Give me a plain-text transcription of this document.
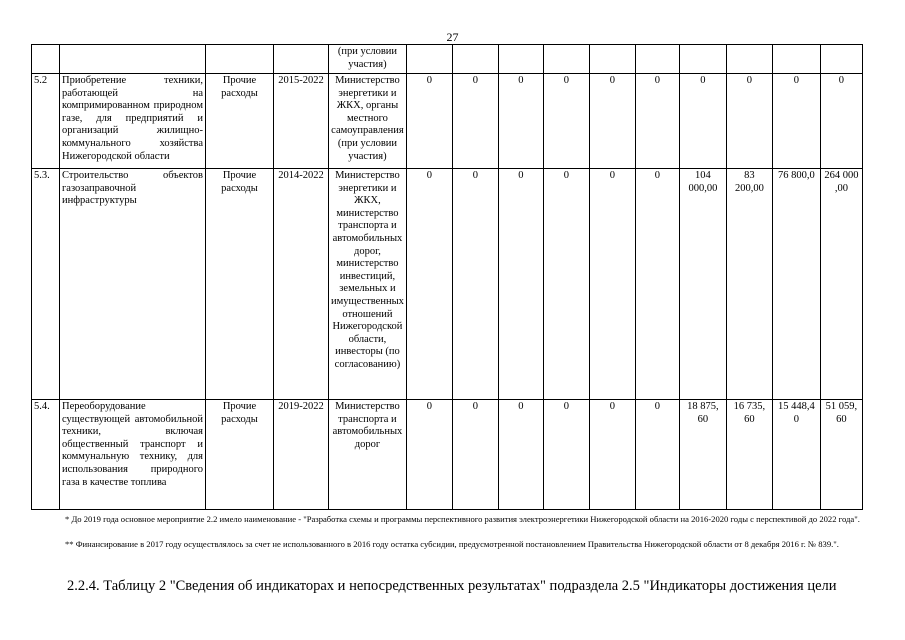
27
				(при условии участия)										
5.2	Приобретение техники, работающей на компримированном природном газе, для предприятий и организаций жилищно-коммунального хозяйства Нижегородской области	Прочие расходы	2015-2022	Министерство энергетики и ЖКХ, органы местного самоуправления (при условии участия)	0	0	0	0	0	0	0	0	0	0
5.3.	Строительство объектов газозаправочной инфраструктуры	Прочие расходы	2014-2022	Министерство энергетики и ЖКХ, министерство транспорта и автомобильных дорог, министерство инвестиций, земельных и имущественных отношений Нижегородской области, инвесторы (по согласованию)	0	0	0	0	0	0	104 000,00	83 200,00	76 800,0	264 000 ,00
5.4.	Переоборудование существующей автомобильной техники, включая общественный транспорт и коммунальную технику, для использования природного газа в качестве топлива	Прочие расходы	2019-2022	Министерство транспорта и автомобильных дорог	0	0	0	0	0	0	18 875, 60	16 735, 60	15 448,4 0	51 059, 60
* До 2019 года основное мероприятие 2.2 имело наименование - "Разработка схемы и программы перспективного развития электроэнергетики Нижегородской области на 2016-2020 годы с перспективой до 2022 года".
** Финансирование в 2017 году осуществлялось за счет не использованного в 2016 году остатка субсидии, предусмотренной постановлением Правительства Нижегородской области от 8 декабря 2016 г. № 839.".
2.2.4. Таблицу 2 "Сведения об индикаторах и непосредственных результатах" подраздела 2.5 "Индикаторы достижения цели
